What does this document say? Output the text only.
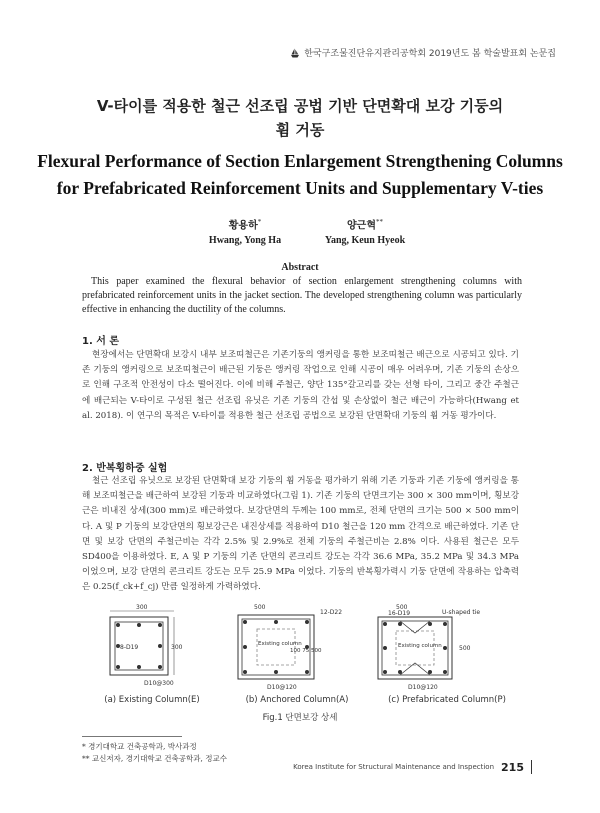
한국구조물진단유지관리공학회 2019년도 봄 학술발표회 논문집
V-타이를 적용한 철근 선조립 공법 기반 단면확대 보강 기둥의
휨 거동
Flexural Performance of Section Enlargement Strengthening Columns
for Prefabricated Reinforcement Units and Supplementary V-ties
황용하*
Hwang, Yong Ha
양근혁**
Yang, Keun Hyeok
Abstract

This paper examined the flexural behavior of section enlargement strengthening columns with prefabricated reinforcement units in the jacket section. The developed strengthening column was particularly effective in enhancing the ductility of the columns.

1. 서 론

현장에서는 단면확대 보강시 내부 보조띠철근은 기존기둥의 앵커링을 통한 보조띠철근 배근으로 시공되고 있다. 기존 기둥의 앵커링으로 보조띠철근이 배근된 기둥은 앵커링 작업으로 인해 시공이 매우 어려우며, 기존 기둥의 손상으로 인해 구조적 안전성이 다소 떨어진다. 이에 비해 주철근, 양단 135°갈고리를 갖는 선형 타이, 그리고 중간 주철근에 배근되는 V-타이로 구성된 철근 선조립 유닛은 기존 기둥의 간섭 및 손상없이 철근 배근이 가능하다(Hwang et al. 2018). 이 연구의 목적은 V-타이를 적용한 철근 선조립 공법으로 보강된 단면확대 기둥의 휨 거동 평가이다.

2. 반복횡하중 실험

철근 선조립 유닛으로 보강된 단면확대 보강 기둥의 휨 거동을 평가하기 위해 기존 기둥과 기존 기둥에 앵커링을 통해 보조띠철근을 배근하여 보강된 기둥과 비교하였다(그림 1). 기존 기둥의 단면크기는 300 × 300 mm이며, 횡보강근은 비내진 상세(300 mm)로 배근하였다. 보강단면의 두께는 100 mm로, 전체 단면의 크기는 500 × 500 mm이다. A 및 P 기둥의 보강단면의 횡보강근은 내진상세를 적용하여 D10 철근을 120 mm 간격으로 배근하였다. 기존 단면 및 보강 단면의 주철근비는 각각 2.5% 및 2.9%로 전체 기둥의 주철근비는 2.8% 이다. 사용된 철근은 모두 SD400을 이용하였다. E, A 및 P 기둥의 기존 단면의 콘크리트 강도는 각각 36.6 MPa, 35.2 MPa 및 34.3 MPa 이었으며, 보강 단면의 콘크리트 강도는 모두 25.9 MPa 이었다. 기둥의 반복횡가력시 기둥 단면에 작용하는 압축력은 0.25(f_ck+f_cj) 만큼 일정하게 가력하였다.

300
8-D19	300
D10@300
500
12-D22
Existing column
100 75 500
D10@120
500
16-D19	U-shaped tie
Existing column	500
D10@120
(a) Existing Column(E)	(b) Anchored Column(A)	(c) Prefabricated Column(P)
Fig.1 단면보강 상세
* 경기대학교 건축공학과, 박사과정
** 교신저자, 경기대학교 건축공학과, 정교수
Korea Institute for Structural Maintenance and Inspection 215
